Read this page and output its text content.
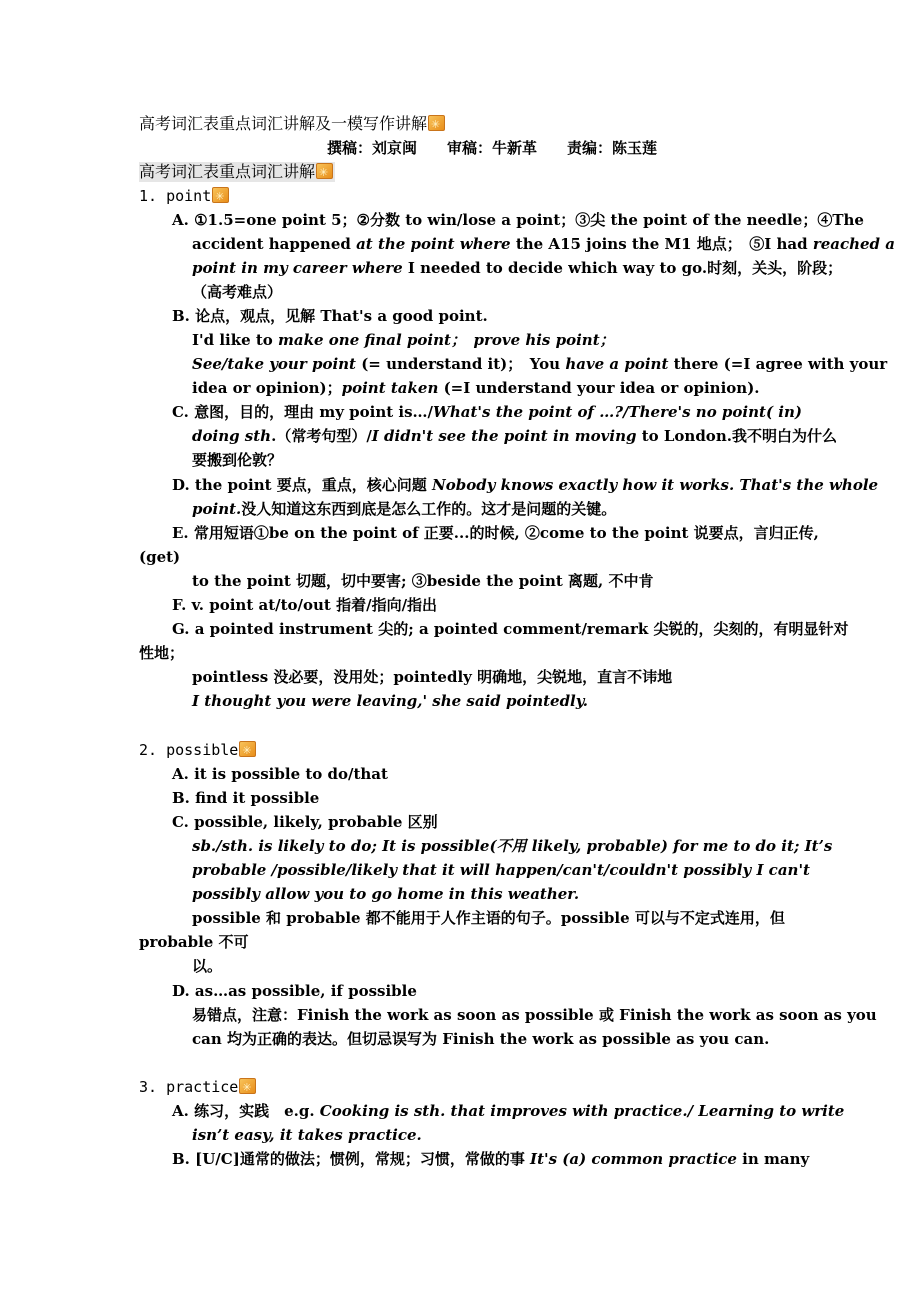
高考词汇表重点词汇讲解及一模写作讲解✳
撰稿：刘京闽　　审稿：牛新革　　责编：陈玉莲
高考词汇表重点词汇讲解✳
1. point✳
A. ①1.5=one point 5；②分数 to win/lose a point；③尖 the point of the needle；④The
accident happened at the point where the A15 joins the M1 地点；　⑤I had reached a
point in my career where I needed to decide which way to go.时刻，关头，阶段；
（高考难点）
B. 论点，观点，见解 That's a good point.
I'd like to make one final point；　prove his point；
See/take your point (= understand it)；　You have a point there (=I agree with your
idea or opinion)；point taken (=I understand your idea or opinion).
C. 意图，目的，理由 my point is…/What's the point of …?/There's no point( in)
doing sth.（常考句型）/I didn't see the point in moving to London.我不明白为什么
要搬到伦敦？
D. the point 要点，重点，核心问题 Nobody knows exactly how it works. That's the whole
point.没人知道这东西到底是怎么工作的。这才是问题的关键。
E. 常用短语①be on the point of 正要...的时候, ②come to the point 说要点，言归正传,
(get)
to the point 切题，切中要害; ③beside the point 离题, 不中肯
F. v. point at/to/out 指着/指向/指出
G. a pointed instrument 尖的; a pointed comment/remark 尖锐的，尖刻的，有明显针对
性地；
pointless 没必要，没用处；pointedly 明确地，尖锐地，直言不讳地
I thought you were leaving,' she said pointedly.
2. possible✳
A. it is possible to do/that
B. find it possible
C. possible, likely, probable 区别
sb./sth. is likely to do; It is possible(不用 likely, probable) for me to do it; It’s
probable /possible/likely that it will happen/can't/couldn't possibly I can't
possibly allow you to go home in this weather.
possible 和 probable 都不能用于人作主语的句子。possible 可以与不定式连用，但
probable 不可
以。
D. as…as possible, if possible
易错点，注意：Finish the work as soon as possible 或 Finish the work as soon as you
can 均为正确的表达。但切忌误写为 Finish the work as possible as you can.
3. practice✳
A. 练习，实践　e.g. Cooking is sth. that improves with practice./ Learning to write
isn’t easy, it takes practice.
B. [U/C]通常的做法；惯例，常规；习惯，常做的事 It's (a) common practice in many
